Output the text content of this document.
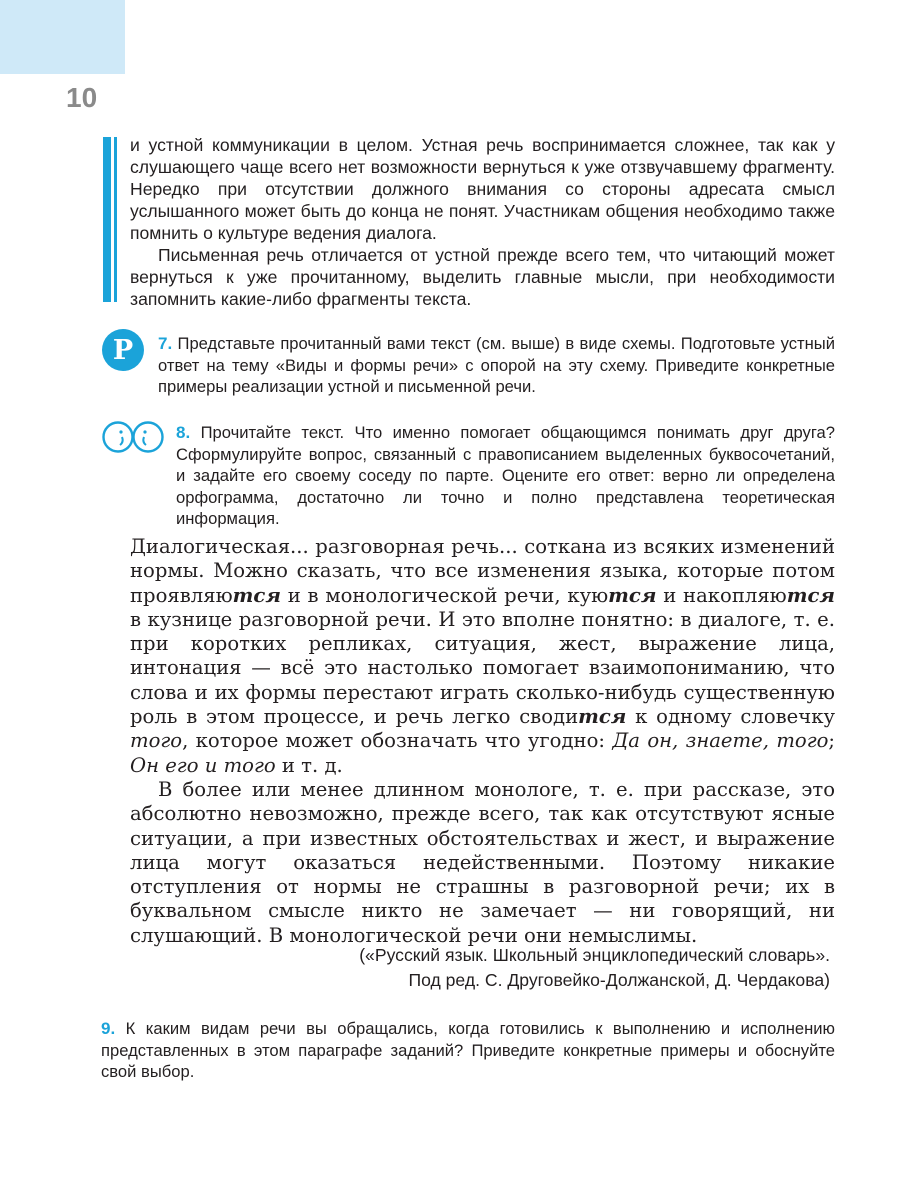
10

и устной коммуникации в целом. Устная речь воспринимается сложнее, так как у слушающего чаще всего нет возможности вернуться к уже отзвучавшему фрагменту. Нередко при отсутствии должного внимания со стороны адресата смысл услышанного может быть до конца не понят. Участникам общения необходимо также помнить о культуре ведения диалога.

Письменная речь отличается от устной прежде всего тем, что читающий может вернуться к уже прочитанному, выделить главные мысли, при необходимости запомнить какие-либо фрагменты текста.

Р 7. Представьте прочитанный вами текст (см. выше) в виде схемы. Подготовьте устный ответ на тему «Виды и формы речи» с опорой на эту схему. Приведите конкретные примеры реализации устной и письменной речи.

8. Прочитайте текст. Что именно помогает общающимся понимать друг друга? Сформулируйте вопрос, связанный с правописанием выделенных буквосочетаний, и задайте его своему соседу по парте. Оцените его ответ: верно ли определена орфограмма, достаточно ли точно и полно представлена теоретическая информация.

Диалогическая... разговорная речь... соткана из всяких изменений нормы. Можно сказать, что все изменения языка, которые потом проявляются и в монологической речи, куются и накопляются в кузнице разговорной речи. И это вполне понятно: в диалоге, т. е. при коротких репликах, ситуация, жест, выражение лица, интонация — всё это настолько помогает взаимопониманию, что слова и их формы перестают играть сколько-нибудь существенную роль в этом процессе, и речь легко сводится к одному словечку того, которое может обозначать что угодно: Да он, знаете, того; Он его и того и т. д.

В более или менее длинном монологе, т. е. при рассказе, это абсолютно невозможно, прежде всего, так как отсутствуют ясные ситуации, а при известных обстоятельствах и жест, и выражение лица могут оказаться недейственными. Поэтому никакие отступления от нормы не страшны в разговорной речи; их в буквальном смысле никто не замечает — ни говорящий, ни слушающий. В монологической речи они немыслимы.

(«Русский язык. Школьный энциклопедический словарь».

Под ред. С. Друговейко-Должанской, Д. Чердакова)

9. К каким видам речи вы обращались, когда готовились к выполнению и исполнению представленных в этом параграфе заданий? Приведите конкретные примеры и обоснуйте свой выбор.
